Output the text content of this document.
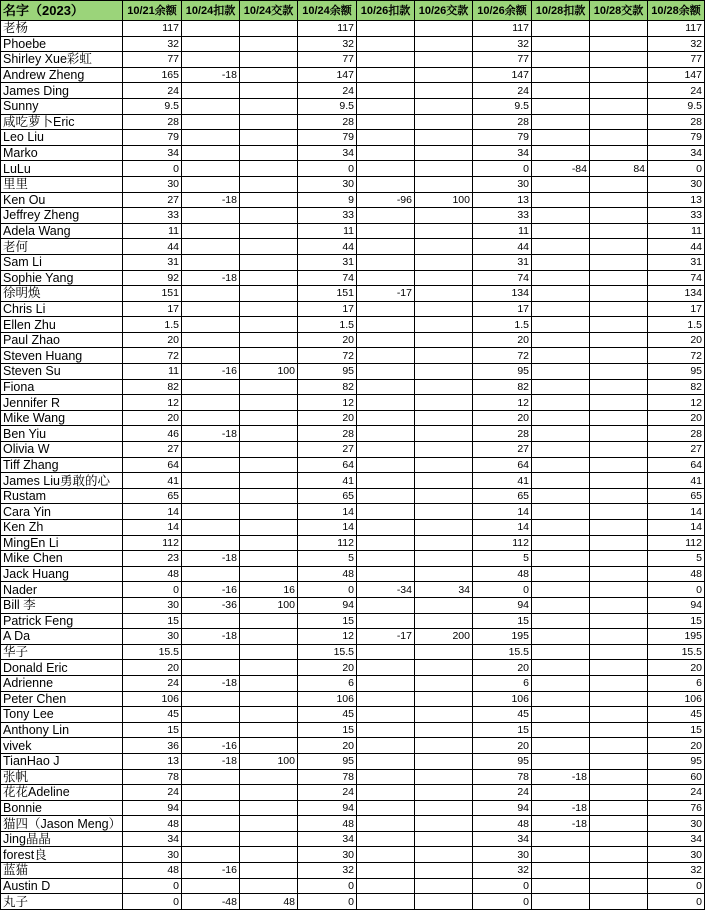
名字（2023）	10/21余额	10/24扣款	10/24交款	10/24余额	10/26扣款	10/26交款	10/26余额	10/28扣款	10/28交款	10/28余额
老杨	117			117			117			117
Phoebe	32			32			32			32
Shirley Xue彩虹	77			77			77			77
Andrew Zheng	165	-18		147			147			147
James Ding	24			24			24			24
Sunny	9.5			9.5			9.5			9.5
咸吃萝卜Eric	28			28			28			28
Leo Liu	79			79			79			79
Marko	34			34			34			34
LuLu	0			0			0	-84	84	0
里里	30			30			30			30
Ken Ou	27	-18		9	-96	100	13			13
Jeffrey Zheng	33			33			33			33
Adela Wang	11			11			11			11
老何	44			44			44			44
Sam Li	31			31			31			31
Sophie Yang	92	-18		74			74			74
徐明焕	151			151	-17		134			134
Chris Li	17			17			17			17
Ellen Zhu	1.5			1.5			1.5			1.5
Paul Zhao	20			20			20			20
Steven Huang	72			72			72			72
Steven Su	11	-16	100	95			95			95
Fiona	82			82			82			82
Jennifer R	12			12			12			12
Mike Wang	20			20			20			20
Ben Yiu	46	-18		28			28			28
Olivia W	27			27			27			27
Tiff Zhang	64			64			64			64
James Liu勇敢的心	41			41			41			41
Rustam	65			65			65			65
Cara Yin	14			14			14			14
Ken Zh	14			14			14			14
MingEn Li	112			112			112			112
Mike Chen	23	-18		5			5			5
Jack Huang	48			48			48			48
Nader	0	-16	16	0	-34	34	0			0
Bill 李	30	-36	100	94			94			94
Patrick Feng	15			15			15			15
A Da	30	-18		12	-17	200	195			195
华子	15.5			15.5			15.5			15.5
Donald Eric	20			20			20			20
Adrienne	24	-18		6			6			6
Peter Chen	106			106			106			106
Tony Lee	45			45			45			45
Anthony Lin	15			15			15			15
vivek	36	-16		20			20			20
TianHao J	13	-18	100	95			95			95
张帆	78			78			78	-18		60
花花Adeline	24			24			24			24
Bonnie	94			94			94	-18		76
猫四（Jason Meng）	48			48			48	-18		30
Jing晶晶	34			34			34			34
forest良	30			30			30			30
蓝猫	48	-16		32			32			32
Austin D	0			0			0			0
丸子	0	-48	48	0			0			0
